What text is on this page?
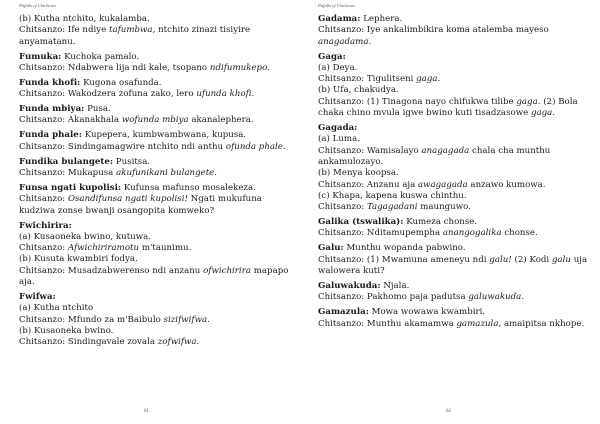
Pitfalls of Chichewa
(b) Kutha ntchito, kukalamba.
Chitsanzo: Ife ndiye tafumbwa, ntchito zinazi tisiyire anyamatanu.
Fumuka: Kuchoka pamalo.
Chitsanzo: Ndabwera lija ndi kale, tsopano ndifumukepo.
Funda khofi: Kugona osafunda.
Chitsanzo: Wakodzera zofuna zako, lero ufunda khofi.
Funda mbiya: Pusa.
Chitsanzo: Akanakhala wofunda mbiya akanalephera.
Funda phale: Kupepera, kumbwambwana, kupusa.
Chitsanzo: Sindingamagwire ntchito ndi anthu ofunda phale.
Fundika bulangete: Pusitsa.
Chitsanzo: Mukapusa akufunikani bulangete.
Funsa ngati kupolisi: Kufunsa mafunso mosalekeza.
Chitsanzo: Osandifunsa ngati kupolisi! Ngati mukufuna kudziwa zonse bwanji osangopita komweko?
Fwichirira:
(a) Kusaoneka bwino, kutuwa.
Chitsanzo: Afwichiriramotu m'taunimu.
(b) Kusuta kwambiri fodya.
Chitsanzo: Musadzabwerenso ndi anzanu ofwichirira mapapo aja.
Fwifwa:
(a) Kutha ntchito
Chitsanzo: Mfundo za m'Baibulo sizifwifwa.
(b) Kusaoneka bwino.
Chitsanzo: Sindingavale zovala zofwifwa.
61
Pitfalls of Chichewa
Gadama: Lephera.
Chitsanzo: Iye ankalimbikira koma atalemba mayeso anagadama.
Gaga:
(a) Deya.
Chitsanzo: Tigulitseni gaga.
(b) Ufa, chakudya.
Chitsanzo: (1) Tinagona nayo chifukwa tilibe gaga. (2) Bola chaka chino mvula igwe bwino kuti tisadzasowe gaga.
Gagada:
(a) Luma.
Chitsanzo: Wamisalayo anagagada chala cha munthu ankamulozayo.
(b) Menya koopsa.
Chitsanzo: Anzanu aja awagagada anzawo kumowa.
(c) Khapa, kapena kuswa chinthu.
Chitsanzo: Tagagadani maunguwo.
Galika (tswalika): Kumeza chonse.
Chitsanzo: Nditamupempha anangogalika chonse.
Galu: Munthu wopanda pabwino.
Chitsanzo: (1) Mwamuna ameneyu ndi galu! (2) Kodi galu uja walowera kuti?
Galuwakuda: Njala.
Chitsanzo: Pakhomo paja padutsa galuwakuda.
Gamazula: Mowa wowawa kwambiri.
Chitsanzo: Munthu akamamwa gamazula, amaipitsa nkhope.
62
